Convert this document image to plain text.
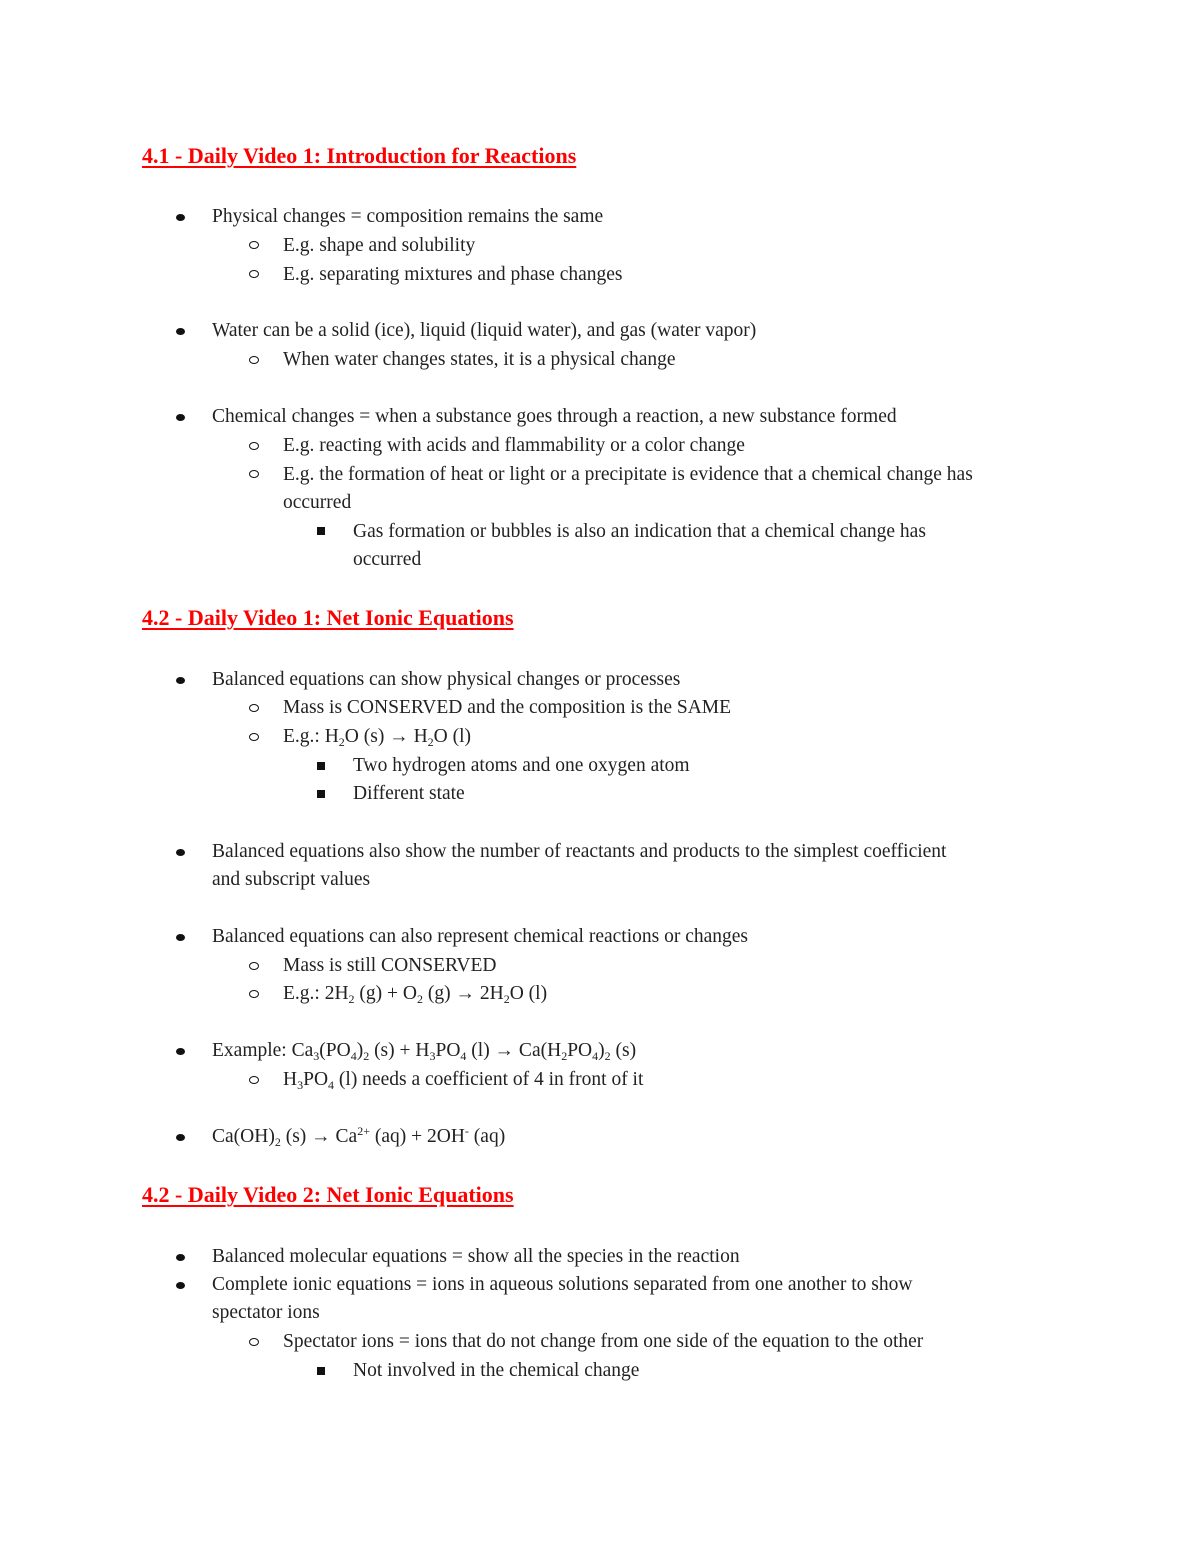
4.1 - Daily Video 1: Introduction for Reactions
Physical changes = composition remains the same
E.g. shape and solubility
E.g. separating mixtures and phase changes
Water can be a solid (ice), liquid (liquid water), and gas (water vapor)
When water changes states, it is a physical change
Chemical changes = when a substance goes through a reaction, a new substance formed
E.g. reacting with acids and flammability or a color change
E.g. the formation of heat or light or a precipitate is evidence that a chemical change has
occurred
Gas formation or bubbles is also an indication that a chemical change has
occurred
4.2 - Daily Video 1: Net Ionic Equations
Balanced equations can show physical changes or processes
Mass is CONSERVED and the composition is the SAME
E.g.: $H_2O$ $(s) \to H_2O$ (l)
Two hydrogen atoms and one oxygen atom
Different state
Balanced equations also show the number of reactants and products to the simplest coefficient
and subscript values
Balanced equations can also represent chemical reactions or changes
Mass is still CONSERVED
E.g.: $2H_2$ $(g) + O_2$ $(g) \to 2H_2O$ (l)
Example: $Ca_3(PO_4)_2$ $(s) + H_3PO_4$ $(l) \to Ca(H_2PO_4)_2$ (s)
$H_3PO_4$ (l) needs a coefficient of 4 in front of it
$Ca(OH)_2$ $(s) \to Ca^{2+}$ (aq) + 2OH- (aq)
4.2 - Daily Video 2: Net Ionic Equations
Balanced molecular equations = show all the species in the reaction
Complete ionic equations = ions in aqueous solutions separated from one another to show
spectator ions
Spectator ions = ions that do not change from one side of the equation to the other
Not involved in the chemical change
